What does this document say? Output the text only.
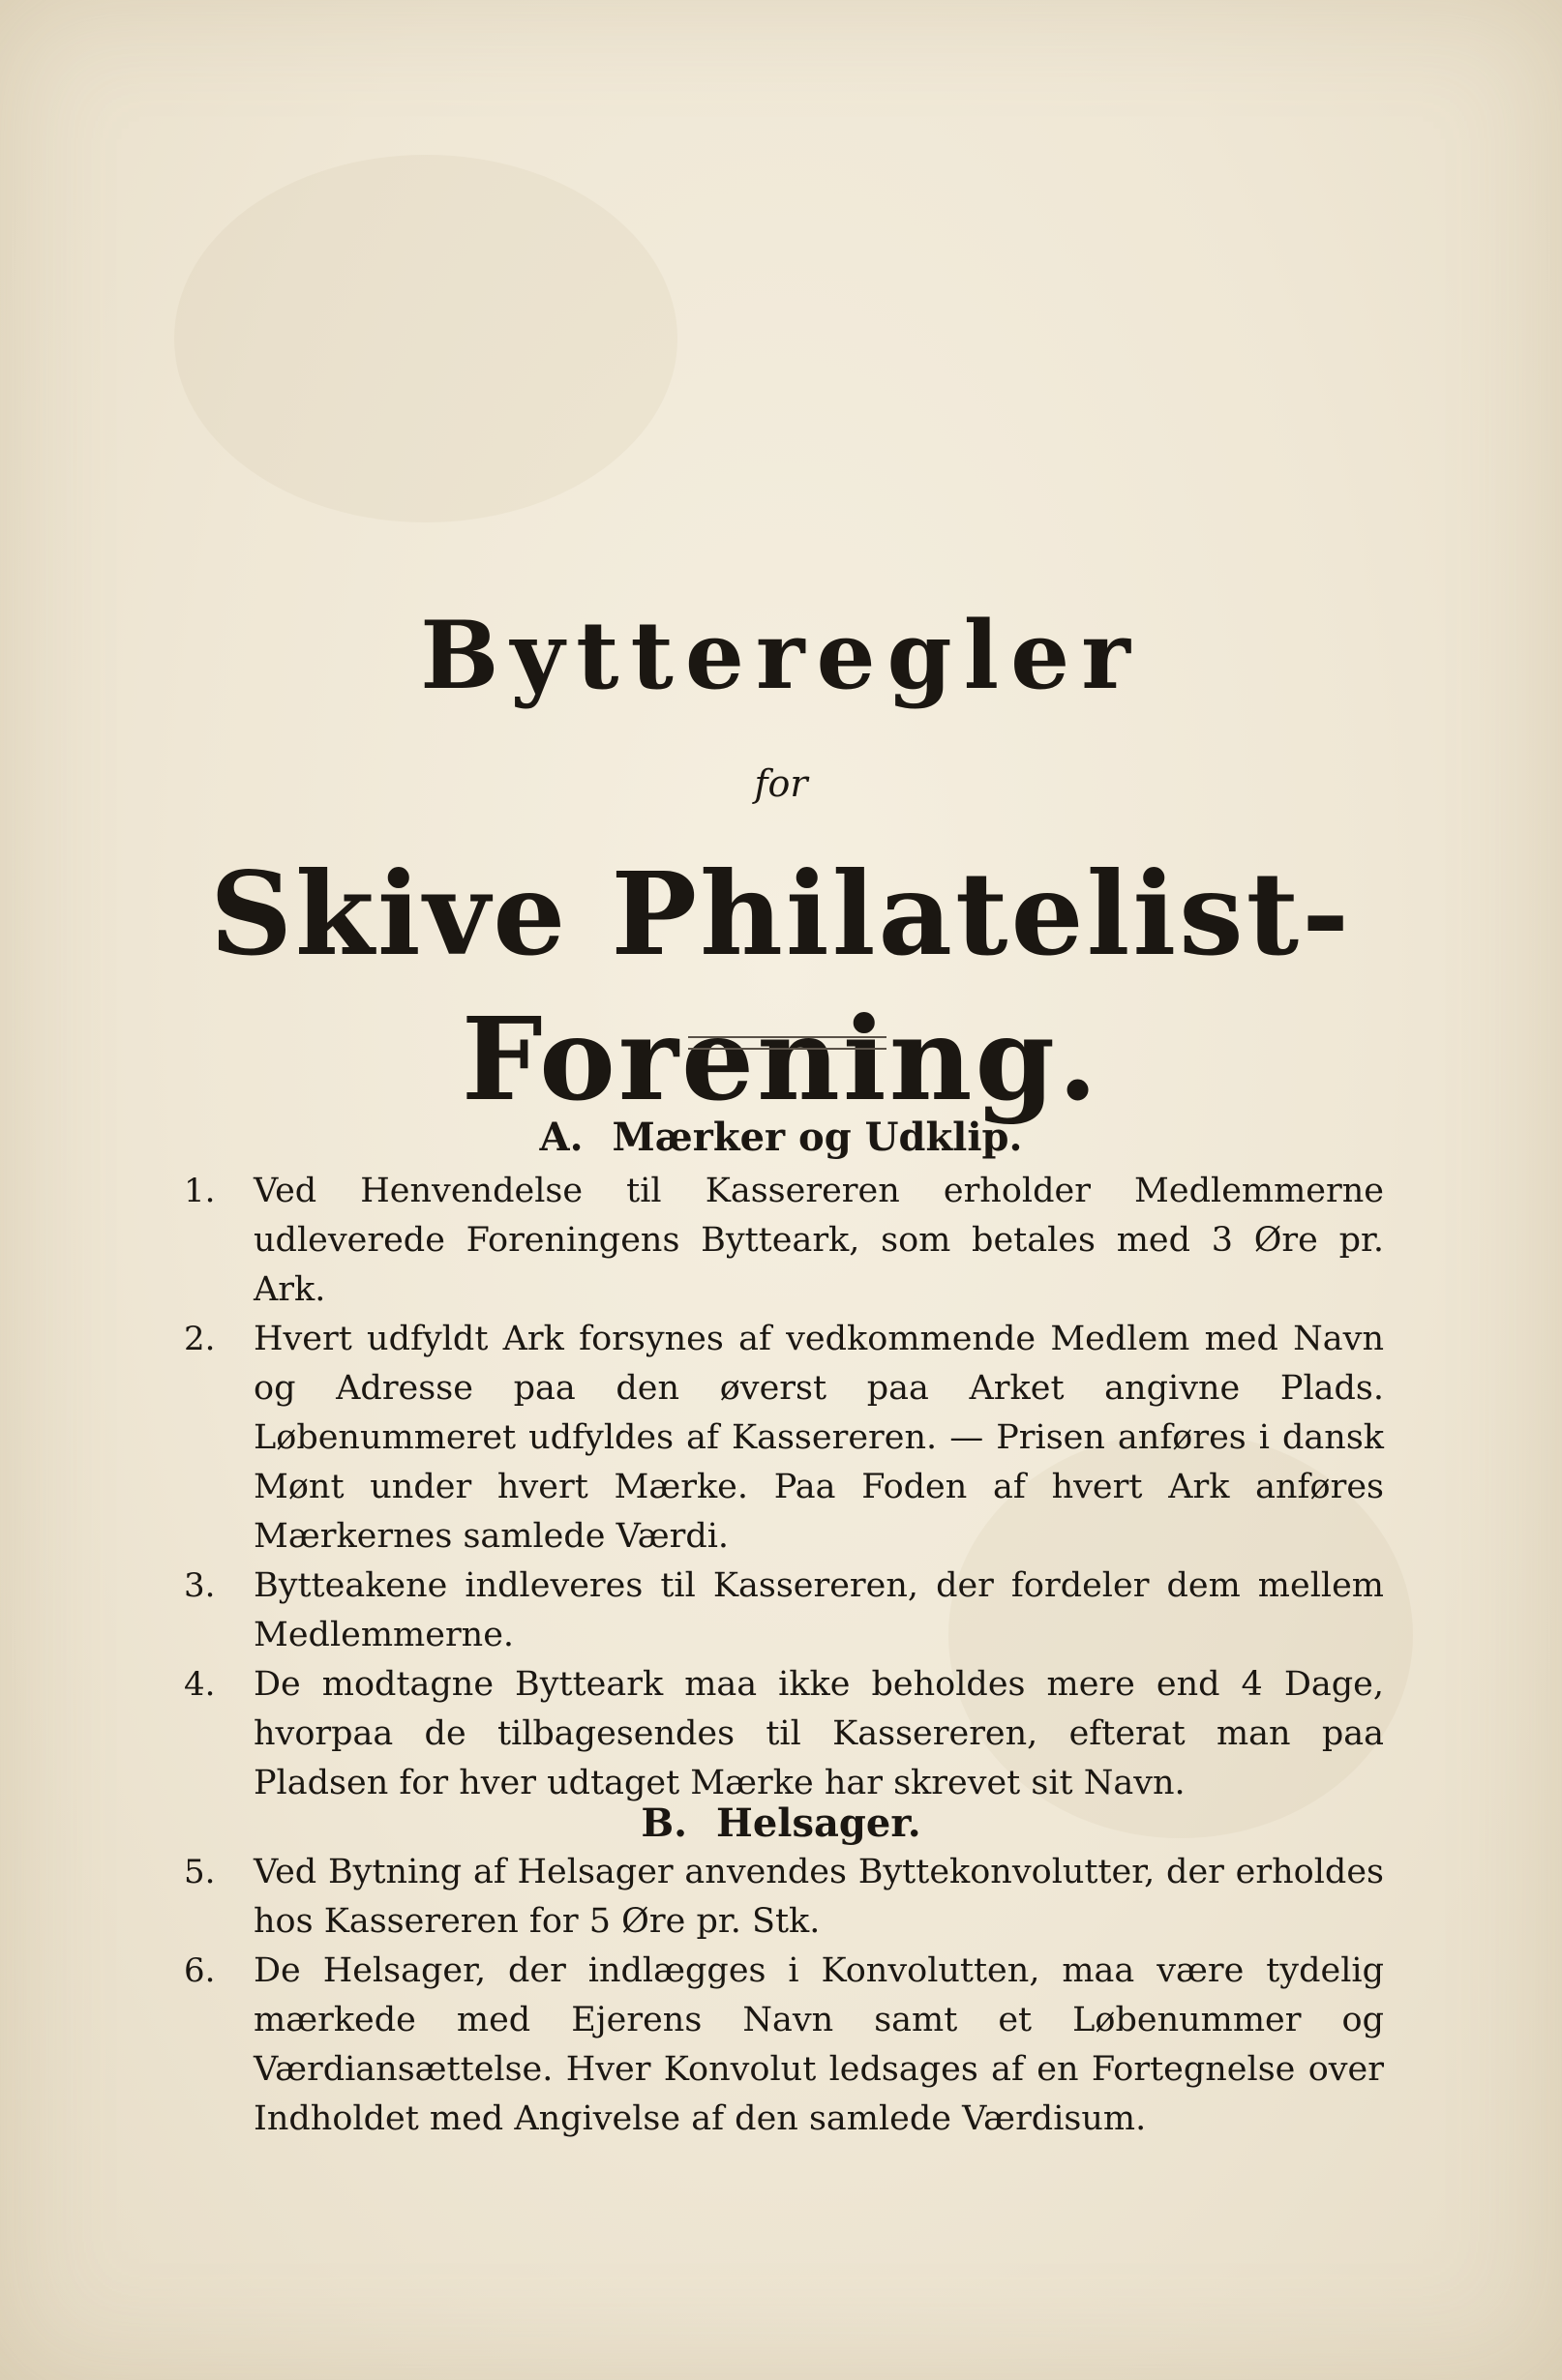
Bytteregler
for
Skive Philatelist-Forening.
A. Mærker og Udklip.
1. Ved Henvendelse til Kassereren erholder Medlemmerne udleverede Foreningens Bytteark, som betales med 3 Øre pr. Ark.
2. Hvert udfyldt Ark forsynes af vedkommende Medlem med Navn og Adresse paa den øverst paa Arket angivne Plads. Løbenummeret udfyldes af Kassereren. — Prisen anføres i dansk Mønt under hvert Mærke. Paa Foden af hvert Ark anføres Mærkernes samlede Værdi.
3. Bytteakene indleveres til Kassereren, der fordeler dem mellem Medlemmerne.
4. De modtagne Bytteark maa ikke beholdes mere end 4 Dage, hvorpaa de tilbagesendes til Kassereren, efterat man paa Pladsen for hver udtaget Mærke har skrevet sit Navn.
B. Helsager.
5. Ved Bytning af Helsager anvendes Byttekonvolutter, der erholdes hos Kassereren for 5 Øre pr. Stk.
6. De Helsager, der indlægges i Konvolutten, maa være tydelig mærkede med Ejerens Navn samt et Løbenummer og Værdiansættelse. Hver Konvolut ledsages af en Fortegnelse over Indholdet med Angivelse af den samlede Værdisum.
